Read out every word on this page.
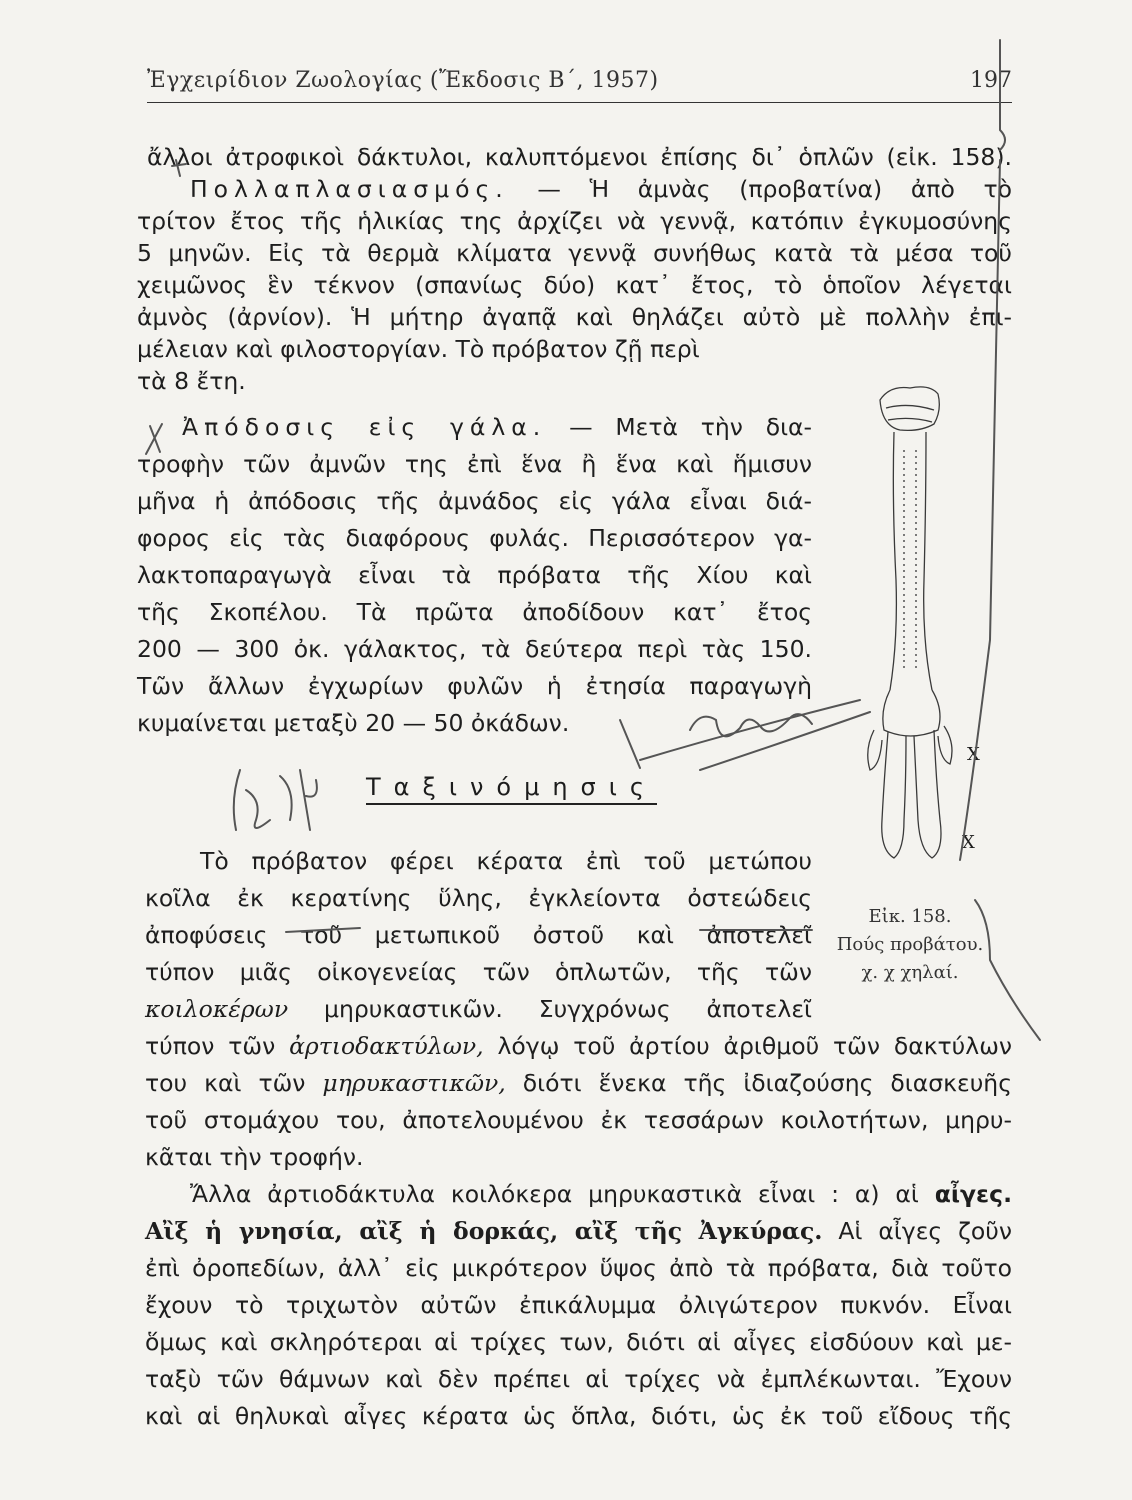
Ἐγχειρίδιον Ζωολογίας (Ἔκδοσις Β΄, 1957)	197
ἄλλοι ἀτροφικοὶ δάκτυλοι, καλυπτόμενοι ἐπίσης δι᾽ ὁπλῶν (εἰκ. 158).
Πολλαπλασιασμός. — Ἡ ἀμνὰς (προβατίνα) ἀπὸ τὸ
τρίτον ἔτος τῆς ἡλικίας της ἀρχίζει νὰ γεννᾷ, κατόπιν ἐγκυμοσύνης
5 μηνῶν. Εἰς τὰ θερμὰ κλίματα γεννᾷ συνήθως κατὰ τὰ μέσα τοῦ
χειμῶνος ἓν τέκνον (σπανίως δύο) κατ᾽ ἔτος, τὸ ὁποῖον λέγεται
ἀμνὸς (ἀρνίον). Ἡ μήτηρ ἀγαπᾷ καὶ θηλάζει αὐτὸ μὲ πολλὴν ἐπι-
μέλειαν καὶ φιλοστοργίαν. Τὸ πρόβατον ζῇ περὶ
τὰ 8 ἔτη.
Ἀπόδοσις εἰς γάλα. — Μετὰ τὴν δια-
τροφὴν τῶν ἀμνῶν της ἐπὶ ἕνα ἢ ἕνα καὶ ἥμισυν
μῆνα ἡ ἀπόδοσις τῆς ἀμνάδος εἰς γάλα εἶναι διά-
φορος εἰς τὰς διαφόρους φυλάς. Περισσότερον γα-
λακτοπαραγωγὰ εἶναι τὰ πρόβατα τῆς Χίου καὶ
τῆς Σκοπέλου. Τὰ πρῶτα ἀποδίδουν κατ᾽ ἔτος
200 — 300 ὀκ. γάλακτος, τὰ δεύτερα περὶ τὰς 150.
Τῶν ἄλλων ἐγχωρίων φυλῶν ἡ ἐτησία παραγωγὴ
κυμαίνεται μεταξὺ 20 — 50 ὀκάδων.
Ταξινόμησις
Τὸ πρόβατον φέρει κέρατα ἐπὶ τοῦ μετώπου
κοῖλα ἐκ κερατίνης ὕλης, ἐγκλείοντα ὀστεώδεις
ἀποφύσεις τοῦ μετωπικοῦ ὀστοῦ καὶ ἀποτελεῖ
τύπον μιᾶς οἰκογενείας τῶν ὁπλωτῶν, τῆς τῶν
κοιλοκέρων μηρυκαστικῶν. Συγχρόνως ἀποτελεῖ
τύπον τῶν ἀρτιοδακτύλων, λόγῳ τοῦ ἀρτίου ἀριθμοῦ τῶν δακτύλων
του καὶ τῶν μηρυκαστικῶν, διότι ἕνεκα τῆς ἰδιαζούσης διασκευῆς
τοῦ στομάχου του, ἀποτελουμένου ἐκ τεσσάρων κοιλοτήτων, μηρυ-
κᾶται τὴν τροφήν.
Ἄλλα ἀρτιοδάκτυλα κοιλόκερα μηρυκαστικὰ εἶναι : α) αἱ αἶγες.
Αἲξ ἡ γνησία, αἲξ ἡ δορκάς, αἲξ τῆς Ἀγκύρας. Αἱ αἶγες ζοῦν
ἐπὶ ὀροπεδίων, ἀλλ᾽ εἰς μικρότερον ὕψος ἀπὸ τὰ πρόβατα, διὰ τοῦτο
ἔχουν τὸ τριχωτὸν αὐτῶν ἐπικάλυμμα ὀλιγώτερον πυκνόν. Εἶναι
ὅμως καὶ σκληρότεραι αἱ τρίχες των, διότι αἱ αἶγες εἰσδύουν καὶ με-
ταξὺ τῶν θάμνων καὶ δὲν πρέπει αἱ τρίχες νὰ ἐμπλέκωνται. Ἔχουν
καὶ αἱ θηλυκαὶ αἶγες κέρατα ὡς ὅπλα, διότι, ὡς ἐκ τοῦ εἴδους τῆς
X
X
Εἰκ. 158.
Πούς προβάτου.
χ. χ χηλαί.
